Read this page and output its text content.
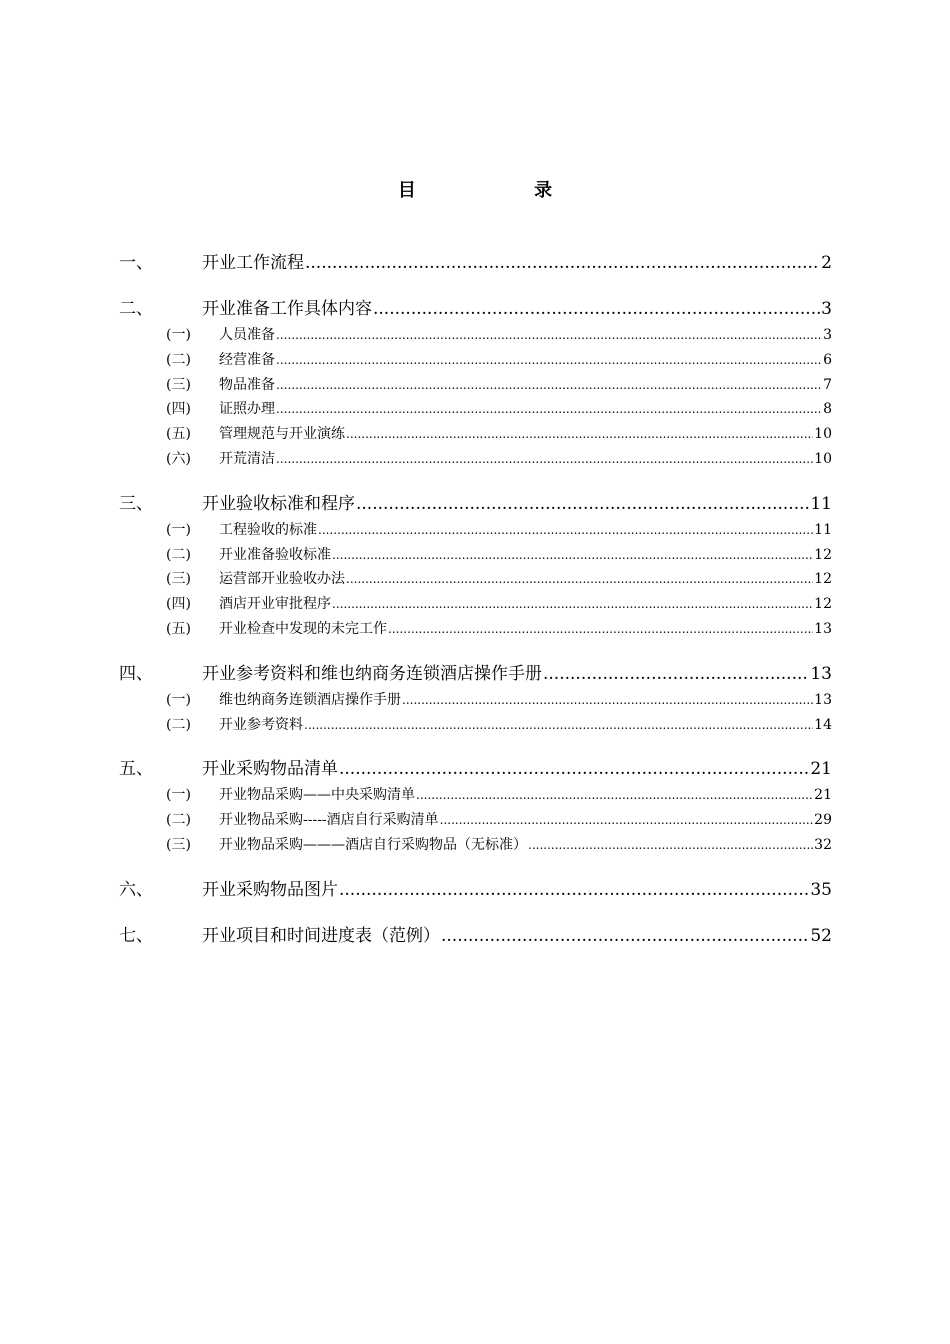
目 录
一、	开业工作流程 .....	2
二、	开业准备工作具体内容 .....	3
(一)	人员准备 .....	3
(二)	经营准备 .....	6
(三)	物品准备 .....	7
(四)	证照办理 .....	8
(五)	管理规范与开业演练 .....	10
(六)	开荒清洁 .....	10
三、	开业验收标准和程序 .....	11
(一)	工程验收的标准 .....	11
(二)	开业准备验收标准 .....	12
(三)	运营部开业验收办法 .....	12
(四)	酒店开业审批程序 .....	12
(五)	开业检查中发现的未完工作 .....	13
四、	开业参考资料和维也纳商务连锁酒店操作手册 .....	13
(一)	维也纳商务连锁酒店操作手册 .....	13
(二)	开业参考资料 .....	14
五、	开业采购物品清单 .....	21
(一)	开业物品采购——中央采购清单 .....	21
(二)	开业物品采购-----酒店自行采购清单 .....	29
(三)	开业物品采购———酒店自行采购物品（无标准） .....	32
六、	开业采购物品图片 .....	35
七、	开业项目和时间进度表（范例） .....	52
